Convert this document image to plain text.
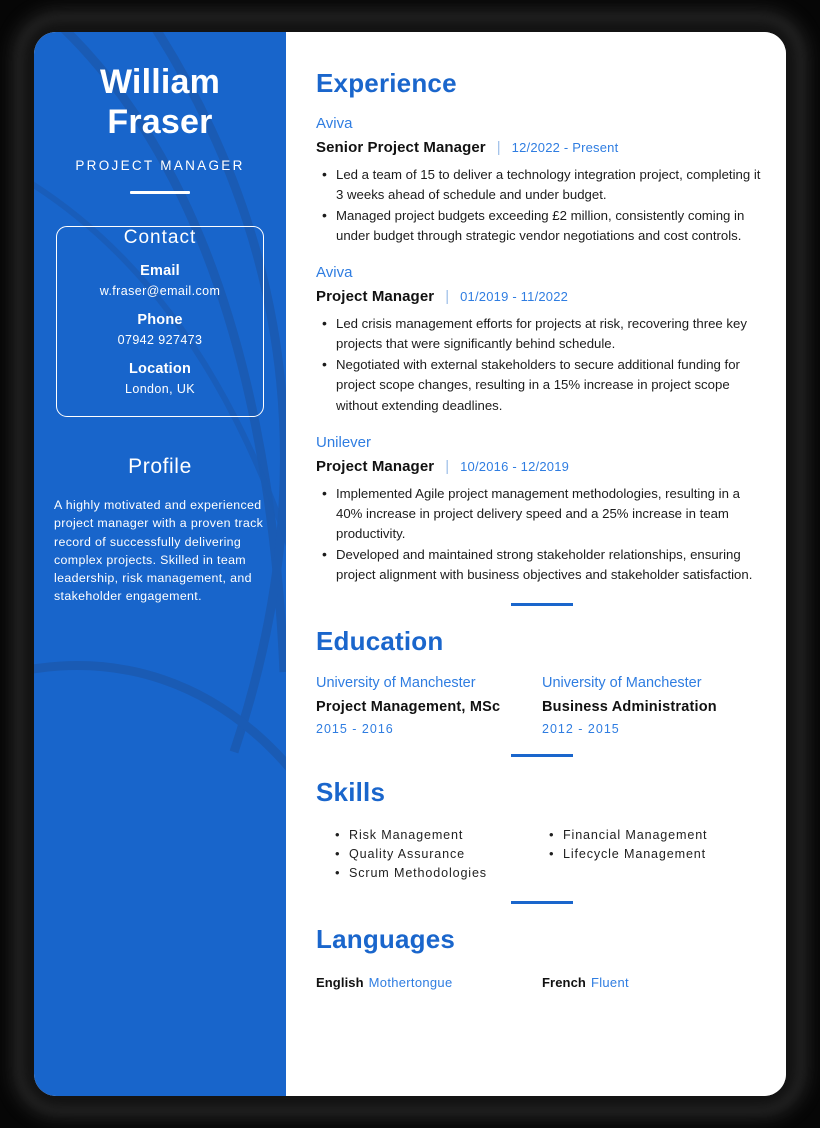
William Fraser
PROJECT MANAGER
Contact
Email
w.fraser@email.com
Phone
07942 927473
Location
London, UK
Profile

A highly motivated and experienced project manager with a proven track record of successfully delivering complex projects. Skilled in team leadership, risk management, and stakeholder engagement.

Experience
Aviva
Senior Project Manager | 12/2022 - Present
• Led a team of 15 to deliver a technology integration project, completing it 3 weeks ahead of schedule and under budget.
• Managed project budgets exceeding £2 million, consistently coming in under budget through strategic vendor negotiations and cost controls.
Aviva
Project Manager | 01/2019 - 11/2022
• Led crisis management efforts for projects at risk, recovering three key projects that were significantly behind schedule.
• Negotiated with external stakeholders to secure additional funding for project scope changes, resulting in a 15% increase in project scope without extending deadlines.
Unilever
Project Manager | 10/2016 - 12/2019
• Implemented Agile project management methodologies, resulting in a 40% increase in project delivery speed and a 25% increase in team productivity.
• Developed and maintained strong stakeholder relationships, ensuring project alignment with business objectives and stakeholder satisfaction.
Education
University of Manchester
Project Management, MSc
2015 - 2016
University of Manchester
Business Administration
2012 - 2015
Skills
• Risk Management
• Quality Assurance
• Scrum Methodologies
• Financial Management
• Lifecycle Management
Languages
English Mothertongue	French Fluent
